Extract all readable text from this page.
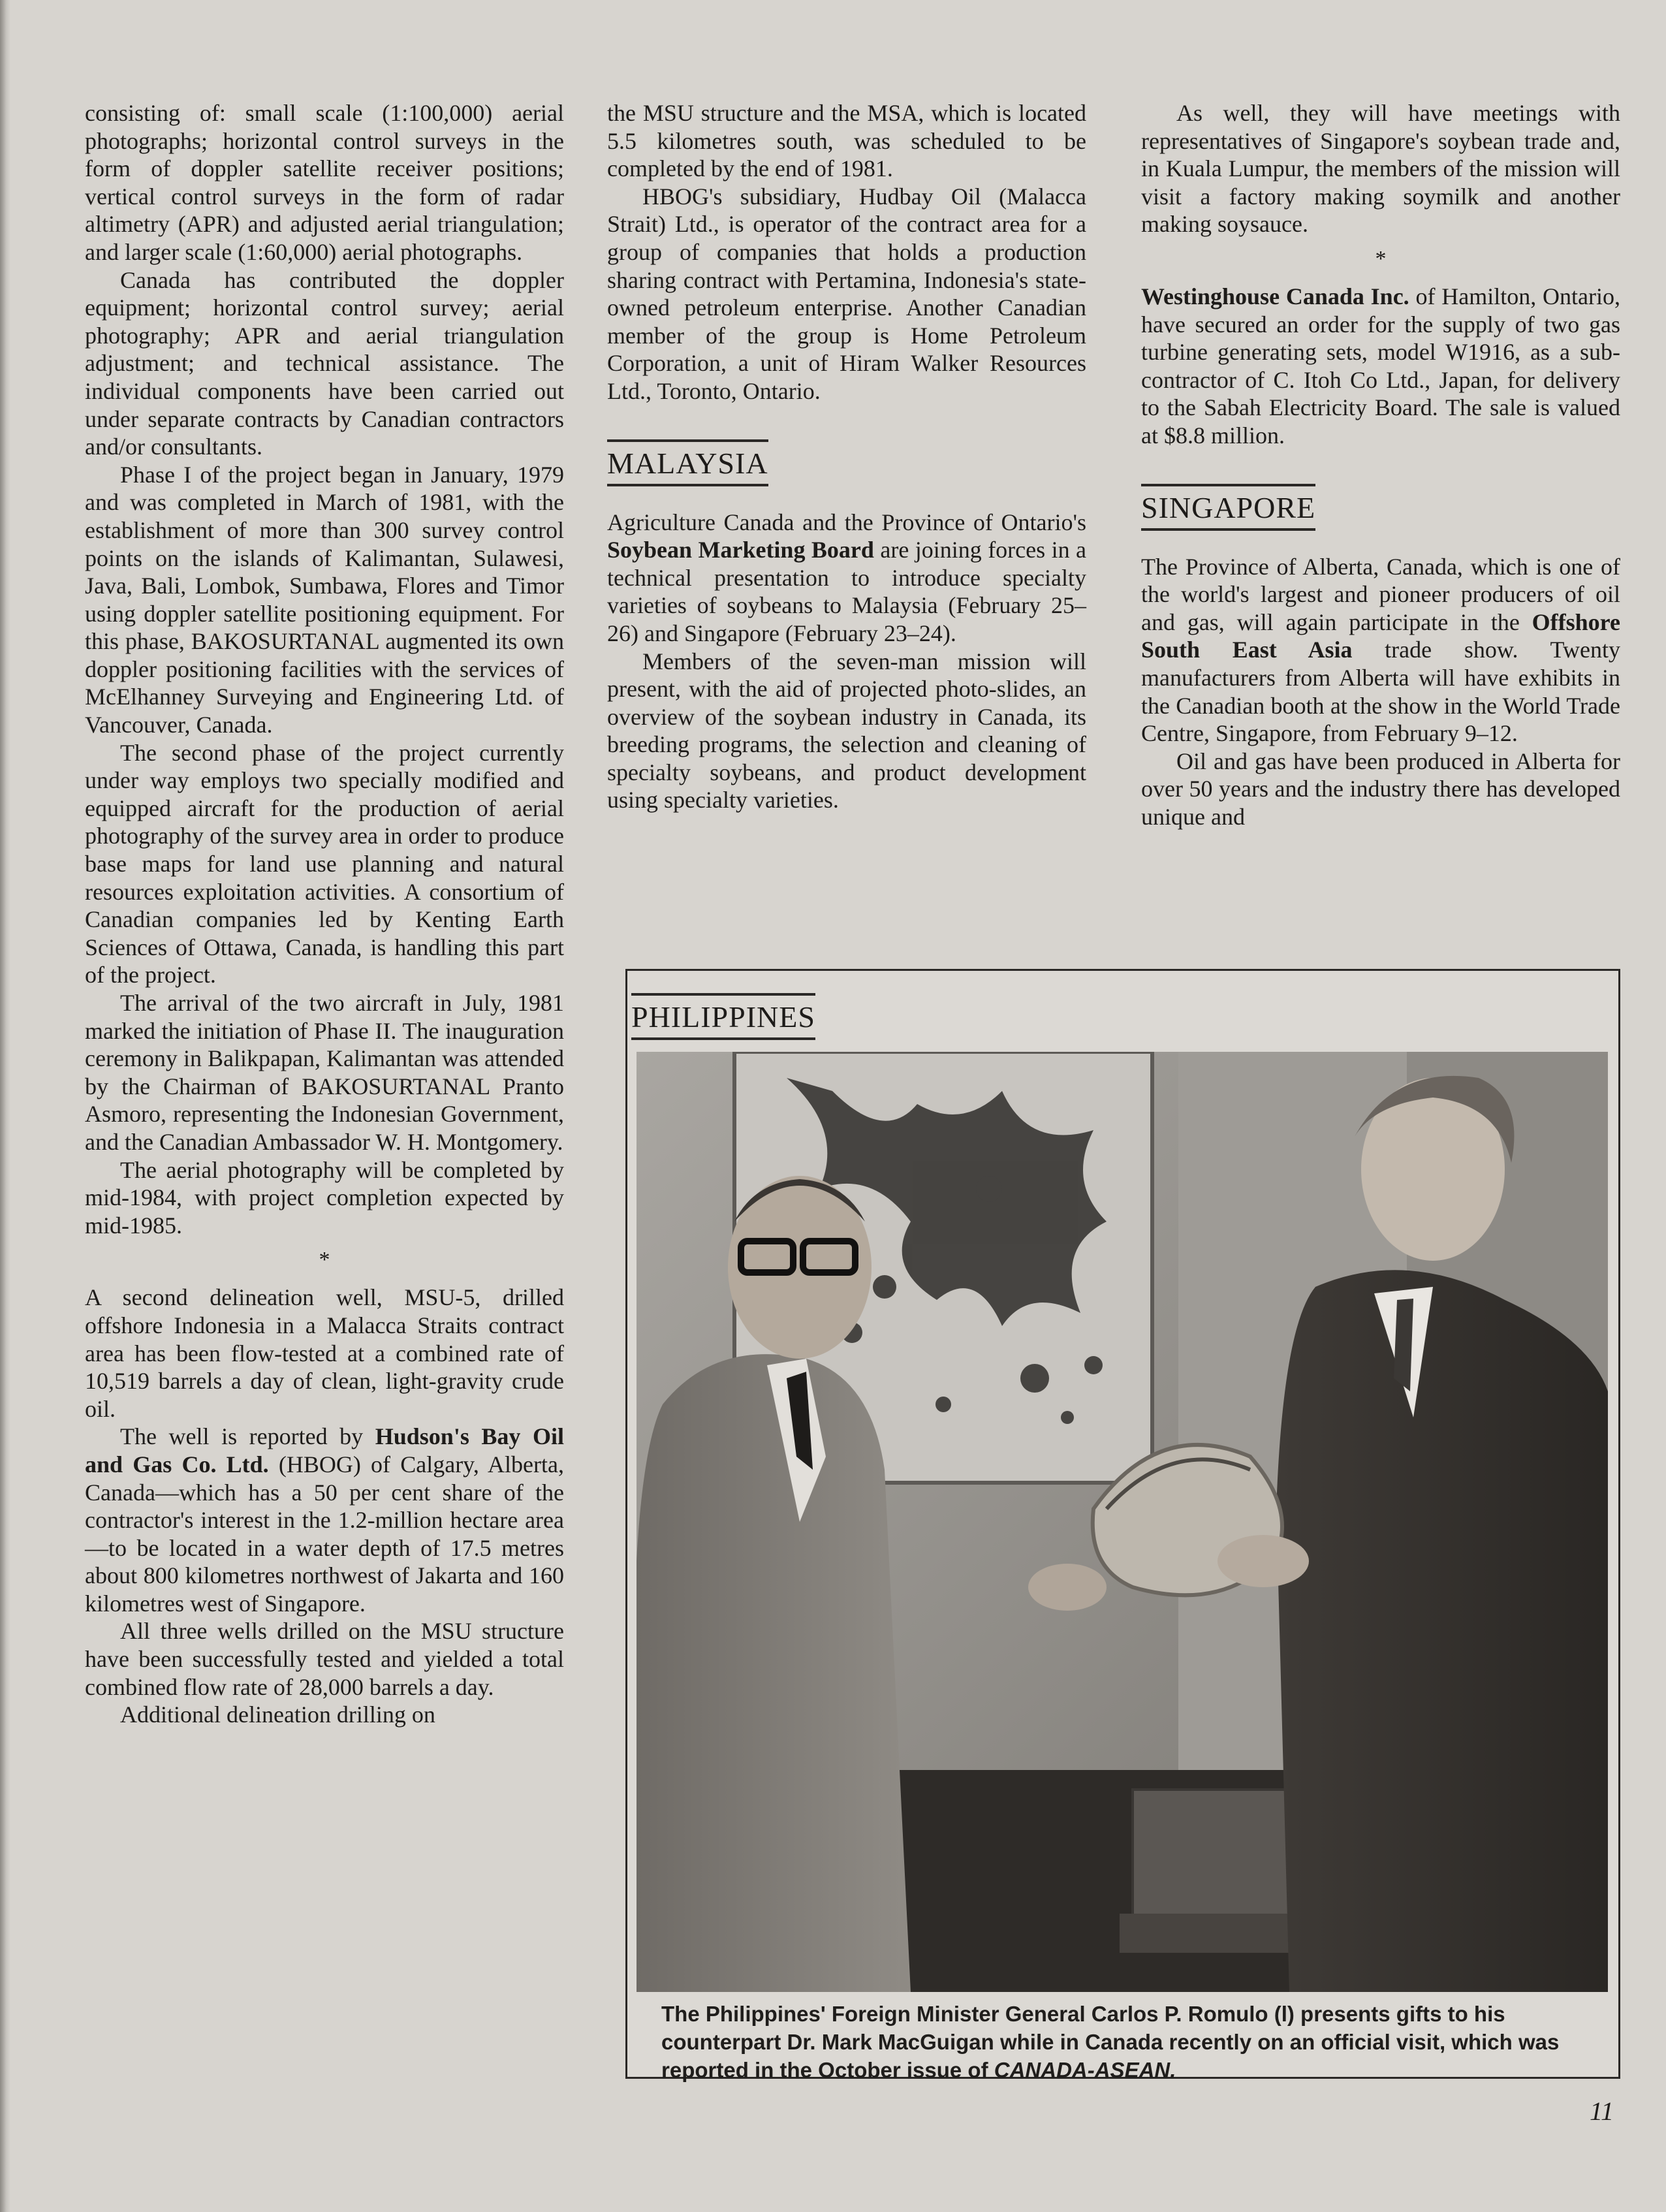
consisting of: small scale (1:100,000) aerial photographs; horizontal control surveys in the form of doppler satellite receiver positions; vertical control surveys in the form of radar altimetry (APR) and adjusted aerial triangulation; and larger scale (1:60,000) aerial photographs.

Canada has contributed the doppler equipment; horizontal control survey; aerial photography; APR and aerial triangulation adjustment; and technical assistance. The individual components have been carried out under separate contracts by Canadian contractors and/or consultants.

Phase I of the project began in January, 1979 and was completed in March of 1981, with the establishment of more than 300 survey control points on the islands of Kalimantan, Sulawesi, Java, Bali, Lombok, Sumbawa, Flores and Timor using doppler satellite positioning equipment. For this phase, BAKOSURTANAL augmented its own doppler positioning facilities with the services of McElhanney Surveying and Engineering Ltd. of Vancouver, Canada.

The second phase of the project currently under way employs two specially modified and equipped aircraft for the production of aerial photography of the survey area in order to produce base maps for land use planning and natural resources exploitation activities. A consortium of Canadian companies led by Kenting Earth Sciences of Ottawa, Canada, is handling this part of the project.

The arrival of the two aircraft in July, 1981 marked the initiation of Phase II. The inauguration ceremony in Balikpapan, Kalimantan was attended by the Chairman of BAKOSURTANAL Pranto Asmoro, representing the Indonesian Government, and the Canadian Ambassador W. H. Montgomery.

The aerial photography will be completed by mid-1984, with project completion expected by mid-1985.

*

A second delineation well, MSU-5, drilled offshore Indonesia in a Malacca Straits contract area has been flow-tested at a combined rate of 10,519 barrels a day of clean, light-gravity crude oil.

The well is reported by Hudson's Bay Oil and Gas Co. Ltd. (HBOG) of Calgary, Alberta, Canada—which has a 50 per cent share of the contractor's interest in the 1.2-million hectare area—to be located in a water depth of 17.5 metres about 800 kilometres northwest of Jakarta and 160 kilometres west of Singapore.

All three wells drilled on the MSU structure have been successfully tested and yielded a total combined flow rate of 28,000 barrels a day.

Additional delineation drilling on

the MSU structure and the MSA, which is located 5.5 kilometres south, was scheduled to be completed by the end of 1981.

HBOG's subsidiary, Hudbay Oil (Malacca Strait) Ltd., is operator of the contract area for a group of companies that holds a production sharing contract with Pertamina, Indonesia's state-owned petroleum enterprise. Another Canadian member of the group is Home Petroleum Corporation, a unit of Hiram Walker Resources Ltd., Toronto, Ontario.

MALAYSIA

Agriculture Canada and the Province of Ontario's Soybean Marketing Board are joining forces in a technical presentation to introduce specialty varieties of soybeans to Malaysia (February 25–26) and Singapore (February 23–24).

Members of the seven-man mission will present, with the aid of projected photo-slides, an overview of the soybean industry in Canada, its breeding programs, the selection and cleaning of specialty soybeans, and product development using specialty varieties.

As well, they will have meetings with representatives of Singapore's soybean trade and, in Kuala Lumpur, the members of the mission will visit a factory making soymilk and another making soysauce.

*

Westinghouse Canada Inc. of Hamilton, Ontario, have secured an order for the supply of two gas turbine generating sets, model W1916, as a sub-contractor of C. Itoh Co Ltd., Japan, for delivery to the Sabah Electricity Board. The sale is valued at $8.8 million.

SINGAPORE

The Province of Alberta, Canada, which is one of the world's largest and pioneer producers of oil and gas, will again participate in the Offshore South East Asia trade show. Twenty manufacturers from Alberta will have exhibits in the Canadian booth at the show in the World Trade Centre, Singapore, from February 9–12.

Oil and gas have been produced in Alberta for over 50 years and the industry there has developed unique and

PHILIPPINES
The Philippines' Foreign Minister General Carlos P. Romulo (l) presents gifts to his counterpart Dr. Mark MacGuigan while in Canada recently on an official visit, which was reported in the October issue of CANADA-ASEAN.
11
